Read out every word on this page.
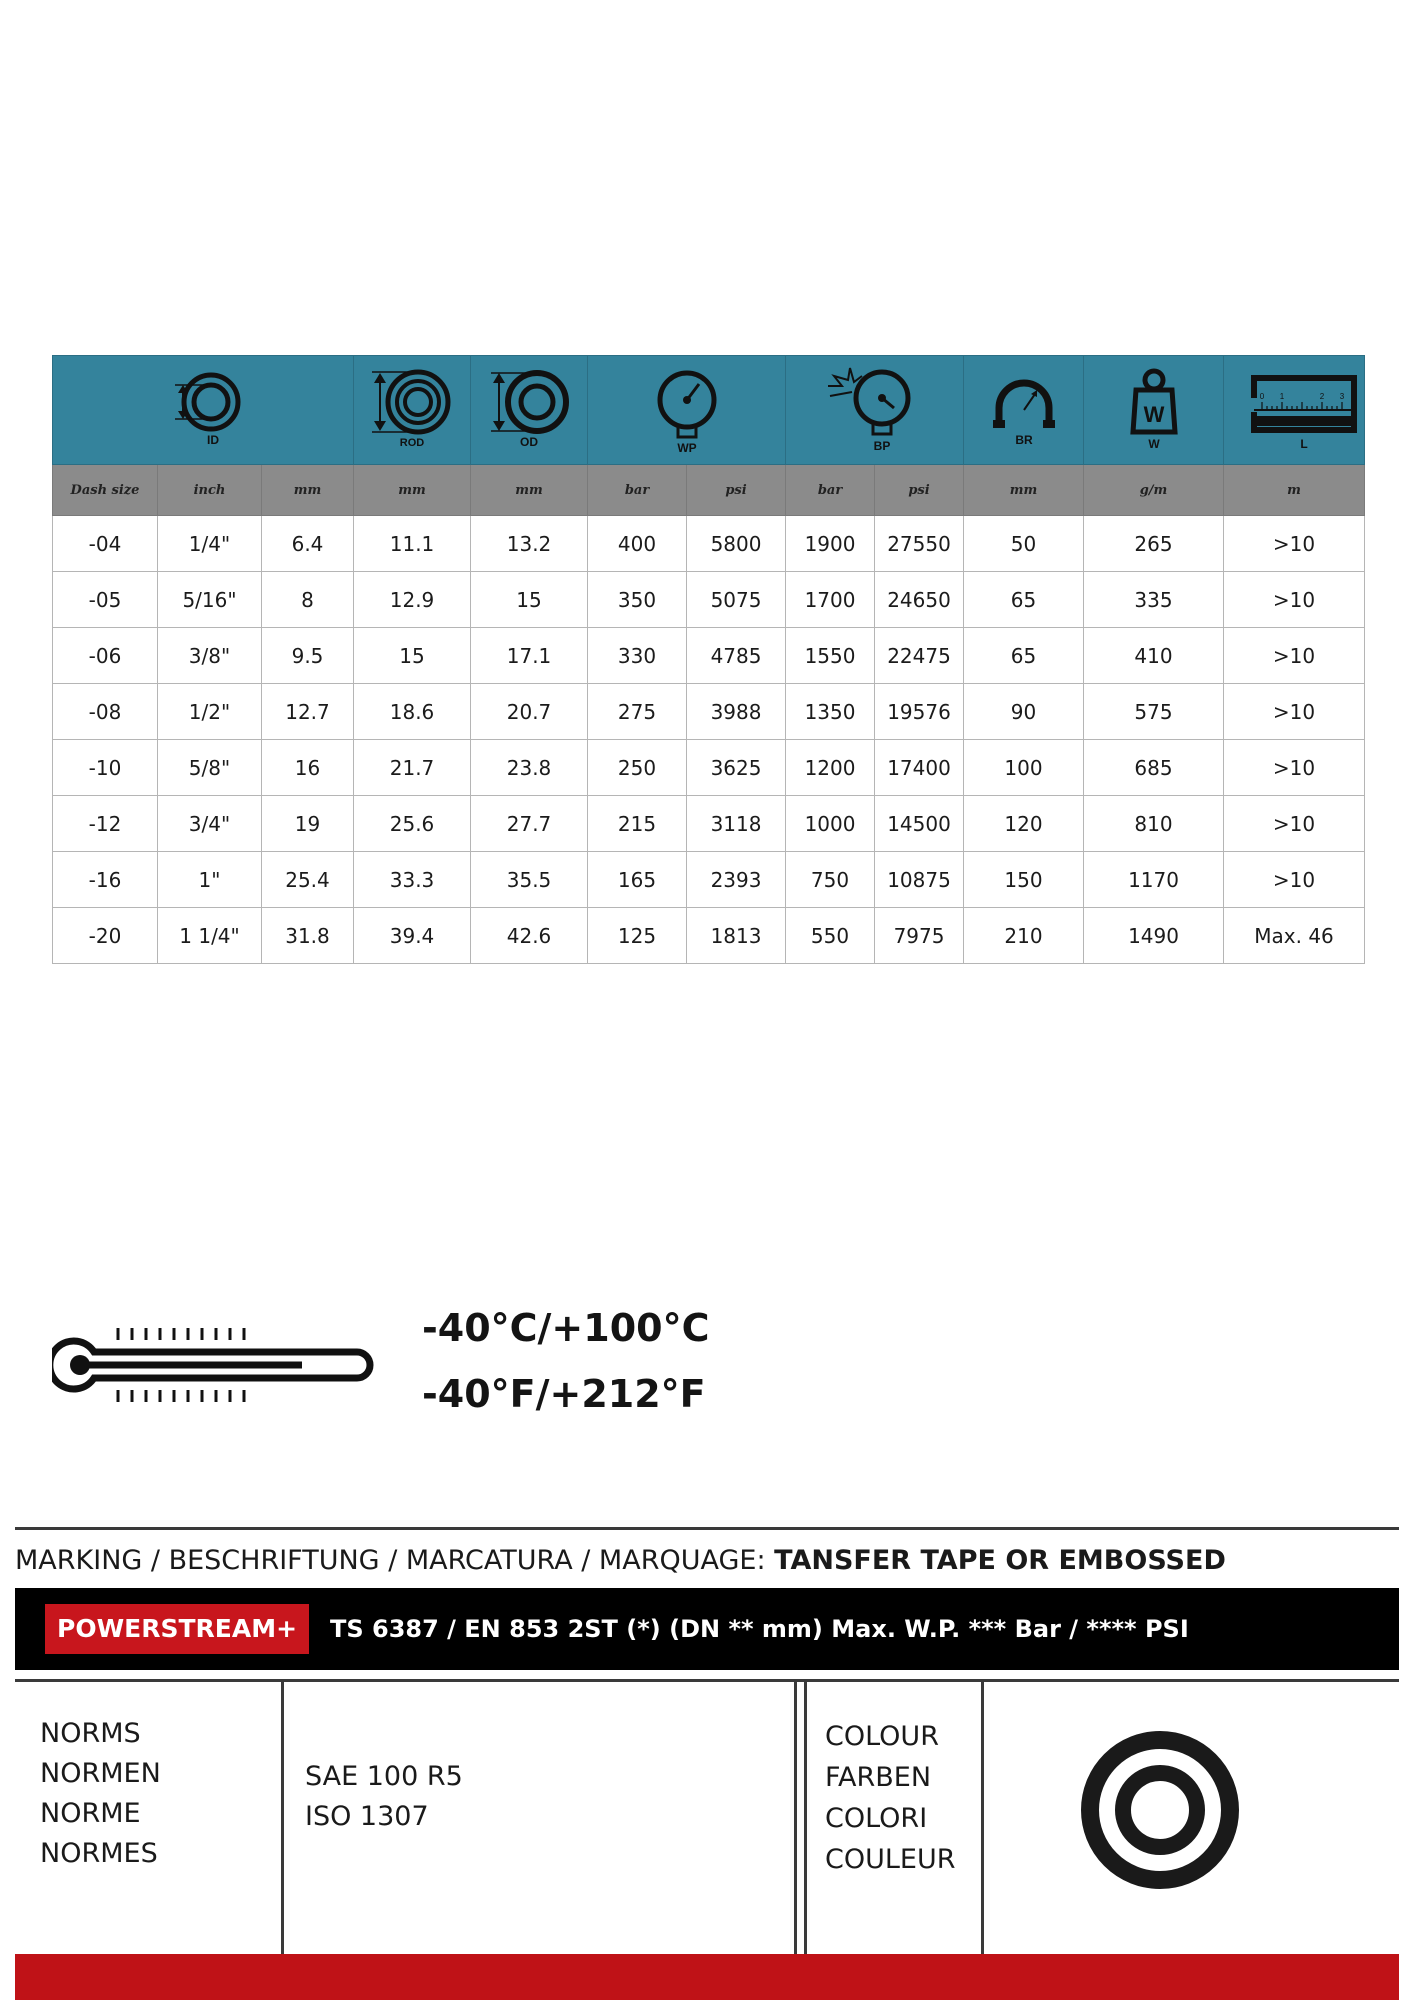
ID			ROD	OD	WP		BP		BR	W
W	0 1 2 3
L

Dash size	inch	mm	mm	mm	bar	psi	bar	psi	mm	g/m	m
-04	1/4"	6.4	11.1	13.2	400	5800	1900	27550	50	265	>10
-05	5/16"	8	12.9	15	350	5075	1700	24650	65	335	>10
-06	3/8"	9.5	15	17.1	330	4785	1550	22475	65	410	>10
-08	1/2"	12.7	18.6	20.7	275	3988	1350	19576	90	575	>10
-10	5/8"	16	21.7	23.8	250	3625	1200	17400	100	685	>10
-12	3/4"	19	25.6	27.7	215	3118	1000	14500	120	810	>10
-16	1"	25.4	33.3	35.5	165	2393	750	10875	150	1170	>10
-20	1 1/4"	31.8	39.4	42.6	125	1813	550	7975	210	1490	Max. 46
-40°C/+100°C
-40°F/+212°F
MARKING / BESCHRIFTUNG / MARCATURA / MARQUAGE: TANSFER TAPE OR EMBOSSED
POWERSTREAM+	TS 6387 / EN 853 2ST (*) (DN ** mm) Max. W.P. *** Bar / **** PSI
NORMS
NORMEN
NORME
NORMES
SAE 100 R5
ISO 1307
COLOUR
FARBEN
COLORI
COULEUR
